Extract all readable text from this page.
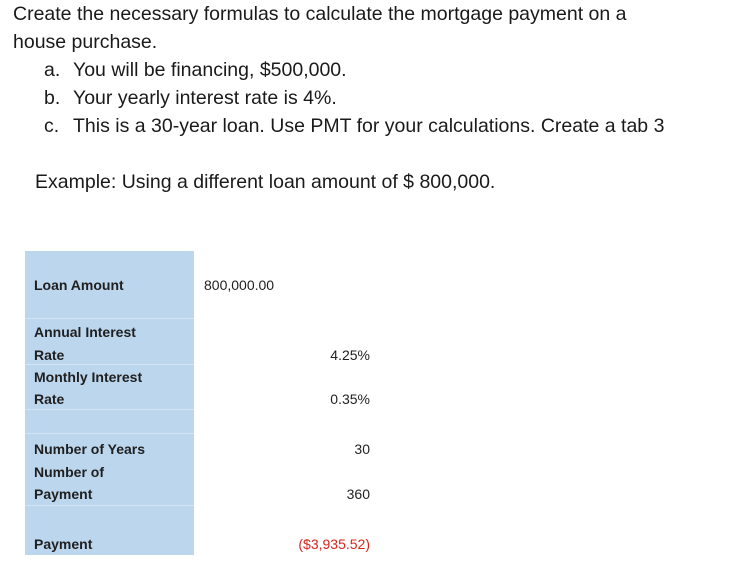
Create the necessary formulas to calculate the mortgage payment on a
house purchase.
a. You will be financing, $500,000.
b. Your yearly interest rate is 4%.
c. This is a 30-year loan. Use PMT for your calculations. Create a tab 3
Example: Using a different loan amount of $ 800,000.
Loan Amount	800,000.00
Annual Interest
Rate	4.25%
Monthly Interest
Rate	0.35%
Number of Years	30
Number of
Payment	360
Payment	($3,935.52)
